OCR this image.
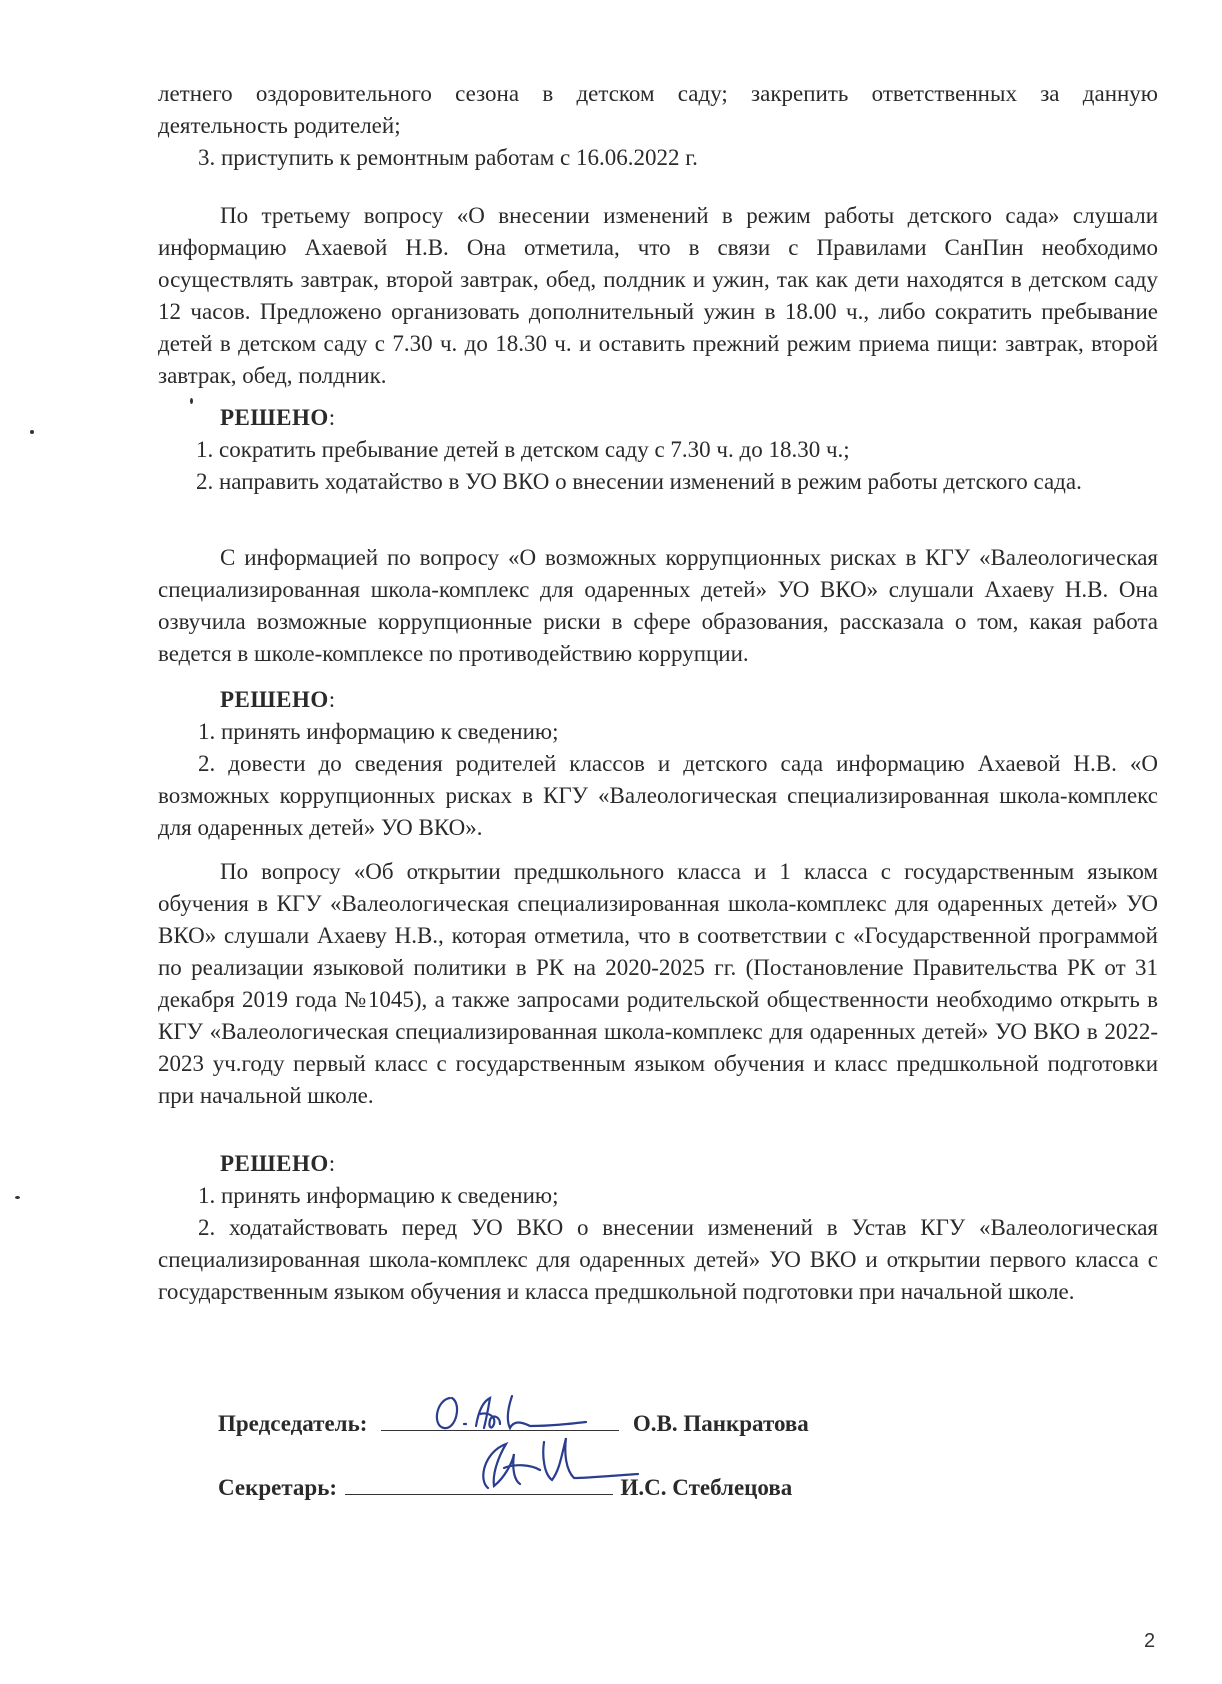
летнего оздоровительного сезона в детском саду; закрепить ответственных за данную
деятельность родителей;
3. приступить к ремонтным работам с 16.06.2022 г.
По третьему вопросу «О внесении изменений в режим работы детского сада» слушали информацию Ахаевой Н.В. Она отметила, что в связи с Правилами СанПин необходимо осуществлять завтрак, второй завтрак, обед, полдник и ужин, так как дети находятся в детском саду 12 часов. Предложено организовать дополнительный ужин в 18.00 ч., либо сократить пребывание детей в детском саду с 7.30 ч. до 18.30 ч. и оставить прежний режим приема пищи: завтрак, второй завтрак, обед, полдник.
РЕШЕНО:
1. сократить пребывание детей в детском саду с 7.30 ч. до 18.30 ч.;
2. направить ходатайство в УО ВКО о внесении изменений в режим работы детского сада.
С информацией по вопросу «О возможных коррупционных рисках в КГУ «Валеологическая специализированная школа-комплекс для одаренных детей» УО ВКО» слушали Ахаеву Н.В. Она озвучила возможные коррупционные риски в сфере образования, рассказала о том, какая работа ведется в школе-комплексе по противодействию коррупции.
РЕШЕНО:
1. принять информацию к сведению;
2. довести до сведения родителей классов и детского сада информацию Ахаевой Н.В. «О возможных коррупционных рисках в КГУ «Валеологическая специализированная школа-комплекс для одаренных детей» УО ВКО».
По вопросу «Об открытии предшкольного класса и 1 класса с государственным языком обучения в КГУ «Валеологическая специализированная школа-комплекс для одаренных детей» УО ВКО» слушали Ахаеву Н.В., которая отметила, что в соответствии с «Государственной программой по реализации языковой политики в РК на 2020-2025 гг. (Постановление Правительства РК от 31 декабря 2019 года №1045), а также запросами родительской общественности необходимо открыть в КГУ «Валеологическая специализированная школа-комплекс для одаренных детей» УО ВКО в 2022-2023 уч.году первый класс с государственным языком обучения и класс предшкольной подготовки при начальной школе.
РЕШЕНО:
1. принять информацию к сведению;
2. ходатайствовать перед УО ВКО о внесении изменений в Устав КГУ «Валеологическая специализированная школа-комплекс для одаренных детей» УО ВКО и открытии первого класса с государственным языком обучения и класса предшкольной подготовки при начальной школе.
Председатель:	О.В. Панкратова
Секретарь:	И.С. Стеблецова
2
